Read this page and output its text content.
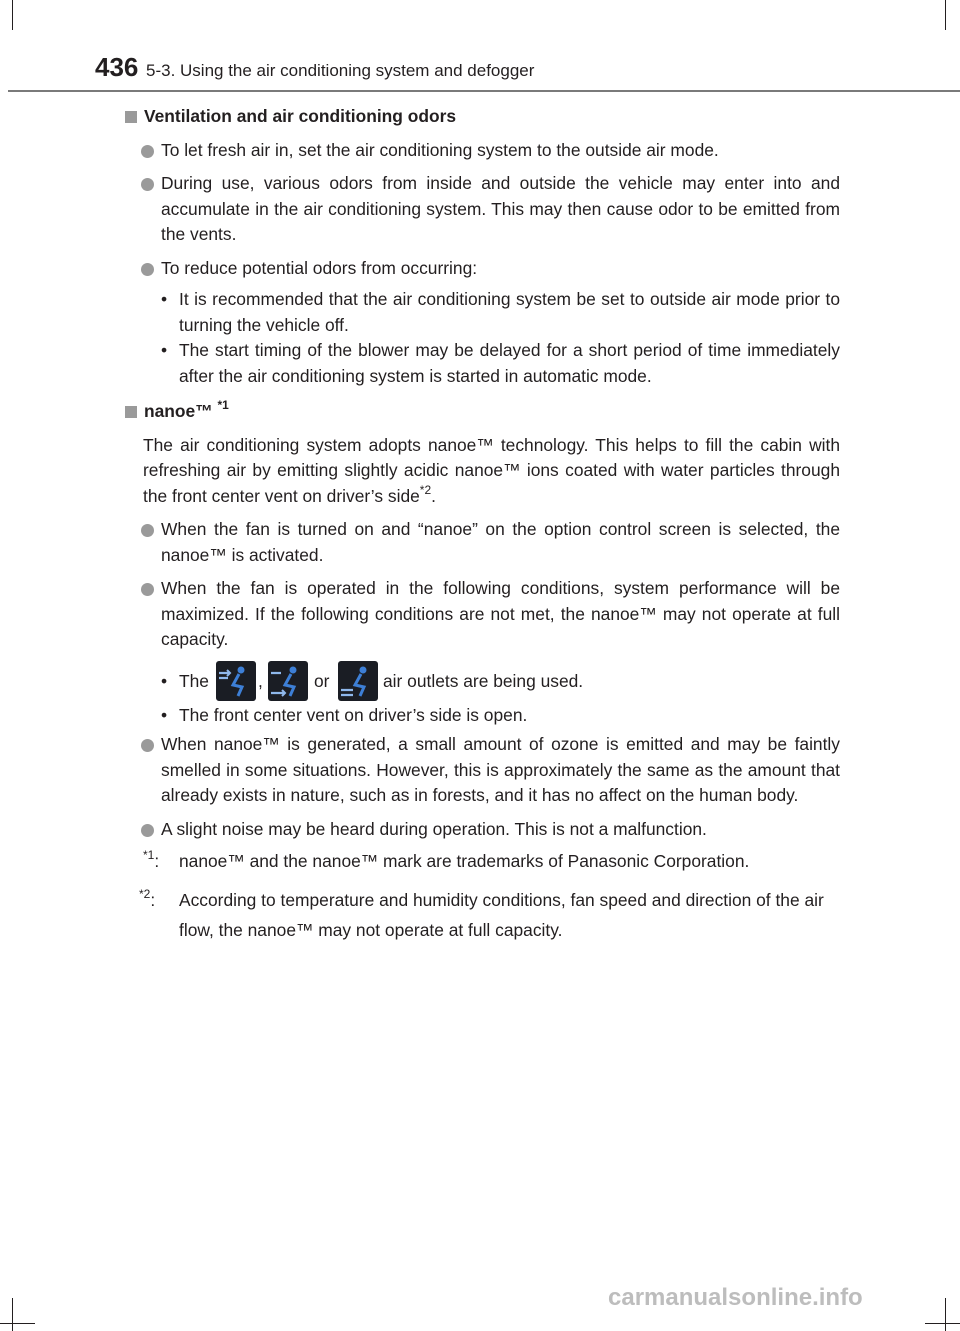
436 5-3. Using the air conditioning system and defogger
Ventilation and air conditioning odors
To let fresh air in, set the air conditioning system to the outside air mode.
During use, various odors from inside and outside the vehicle may enter into and accumulate in the air conditioning system. This may then cause odor to be emitted from the vents.
To reduce potential odors from occurring:
• It is recommended that the air conditioning system be set to outside air mode prior to turning the vehicle off.
• The start timing of the blower may be delayed for a short period of time immediately after the air conditioning system is started in automatic mode.
nanoe™ $^{*1}$
The air conditioning system adopts nanoe™ technology. This helps to fill the cabin with refreshing air by emitting slightly acidic nanoe™ ions coated with water particles through the front center vent on driver’s side$^{*2}$.
When the fan is turned on and “nanoe” on the option control screen is selected, the nanoe™ is activated.
When the fan is operated in the following conditions, system performance will be maximized. If the following conditions are not met, the nanoe™ may not operate at full capacity.
• The	,	or	air outlets are being used.
• The front center vent on driver’s side is open.
When nanoe™ is generated, a small amount of ozone is emitted and may be faintly smelled in some situations. However, this is approximately the same as the amount that already exists in nature, such as in forests, and it has no affect on the human body.
A slight noise may be heard during operation. This is not a malfunction.
$^{*1}$: nanoe™ and the nanoe™ mark are trademarks of Panasonic Corporation.
$^{*2}$: According to temperature and humidity conditions, fan speed and direction of the air flow, the nanoe™ may not operate at full capacity.
carmanualsonline.info
